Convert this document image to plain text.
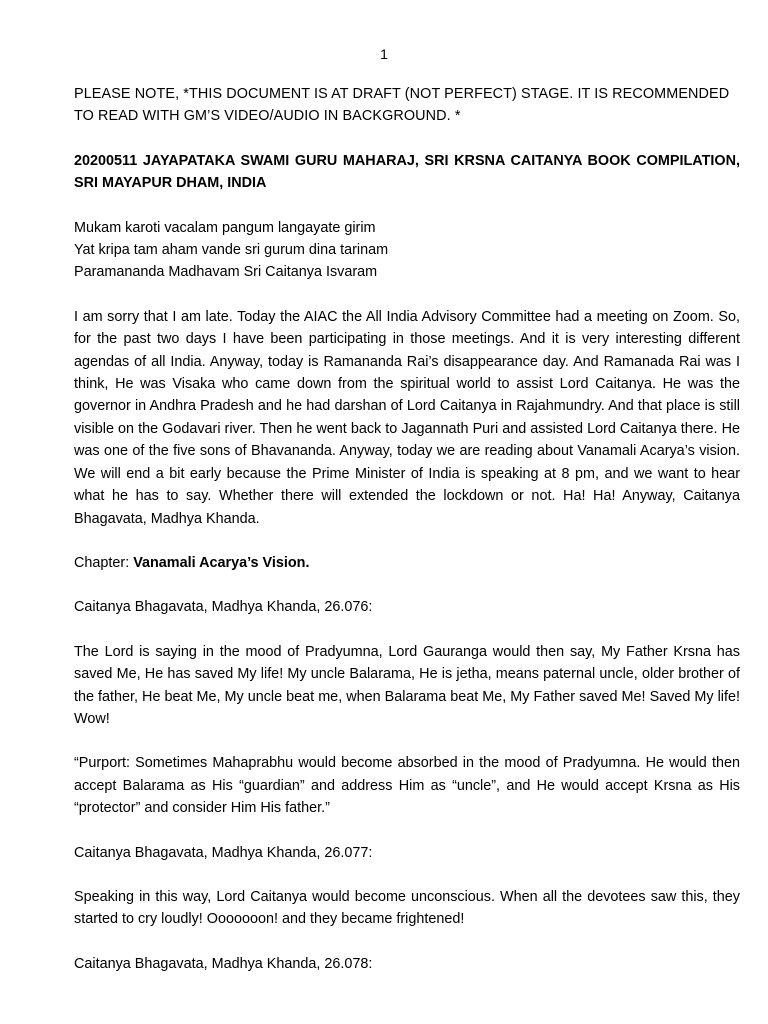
1

PLEASE NOTE, *THIS DOCUMENT IS AT DRAFT (NOT PERFECT) STAGE. IT IS RECOMMENDED TO READ WITH GM’S VIDEO/AUDIO IN BACKGROUND. *

20200511 JAYAPATAKA SWAMI GURU MAHARAJ, SRI KRSNA CAITANYA BOOK COMPILATION, SRI MAYAPUR DHAM, INDIA

Mukam karoti vacalam pangum langayate girim

Yat kripa tam aham vande sri gurum dina tarinam

Paramananda Madhavam Sri Caitanya Isvaram

I am sorry that I am late. Today the AIAC the All India Advisory Committee had a meeting on Zoom. So, for the past two days I have been participating in those meetings. And it is very interesting different agendas of all India. Anyway, today is Ramananda Rai’s disappearance day. And Ramanada Rai was I think, He was Visaka who came down from the spiritual world to assist Lord Caitanya. He was the governor in Andhra Pradesh and he had darshan of Lord Caitanya in Rajahmundry. And that place is still visible on the Godavari river. Then he went back to Jagannath Puri and assisted Lord Caitanya there. He was one of the five sons of Bhavananda. Anyway, today we are reading about Vanamali Acarya’s vision. We will end a bit early because the Prime Minister of India is speaking at 8 pm, and we want to hear what he has to say. Whether there will extended the lockdown or not. Ha! Ha! Anyway, Caitanya Bhagavata, Madhya Khanda.

Chapter: Vanamali Acarya’s Vision.

Caitanya Bhagavata, Madhya Khanda, 26.076:

The Lord is saying in the mood of Pradyumna, Lord Gauranga would then say, My Father Krsna has saved Me, He has saved My life! My uncle Balarama, He is jetha, means paternal uncle, older brother of the father, He beat Me, My uncle beat me, when Balarama beat Me, My Father saved Me! Saved My life! Wow!

“Purport: Sometimes Mahaprabhu would become absorbed in the mood of Pradyumna. He would then accept Balarama as His “guardian” and address Him as “uncle”, and He would accept Krsna as His “protector” and consider Him His father.”

Caitanya Bhagavata, Madhya Khanda, 26.077:

Speaking in this way, Lord Caitanya would become unconscious. When all the devotees saw this, they started to cry loudly! Ooooooon! and they became frightened!

Caitanya Bhagavata, Madhya Khanda, 26.078:
